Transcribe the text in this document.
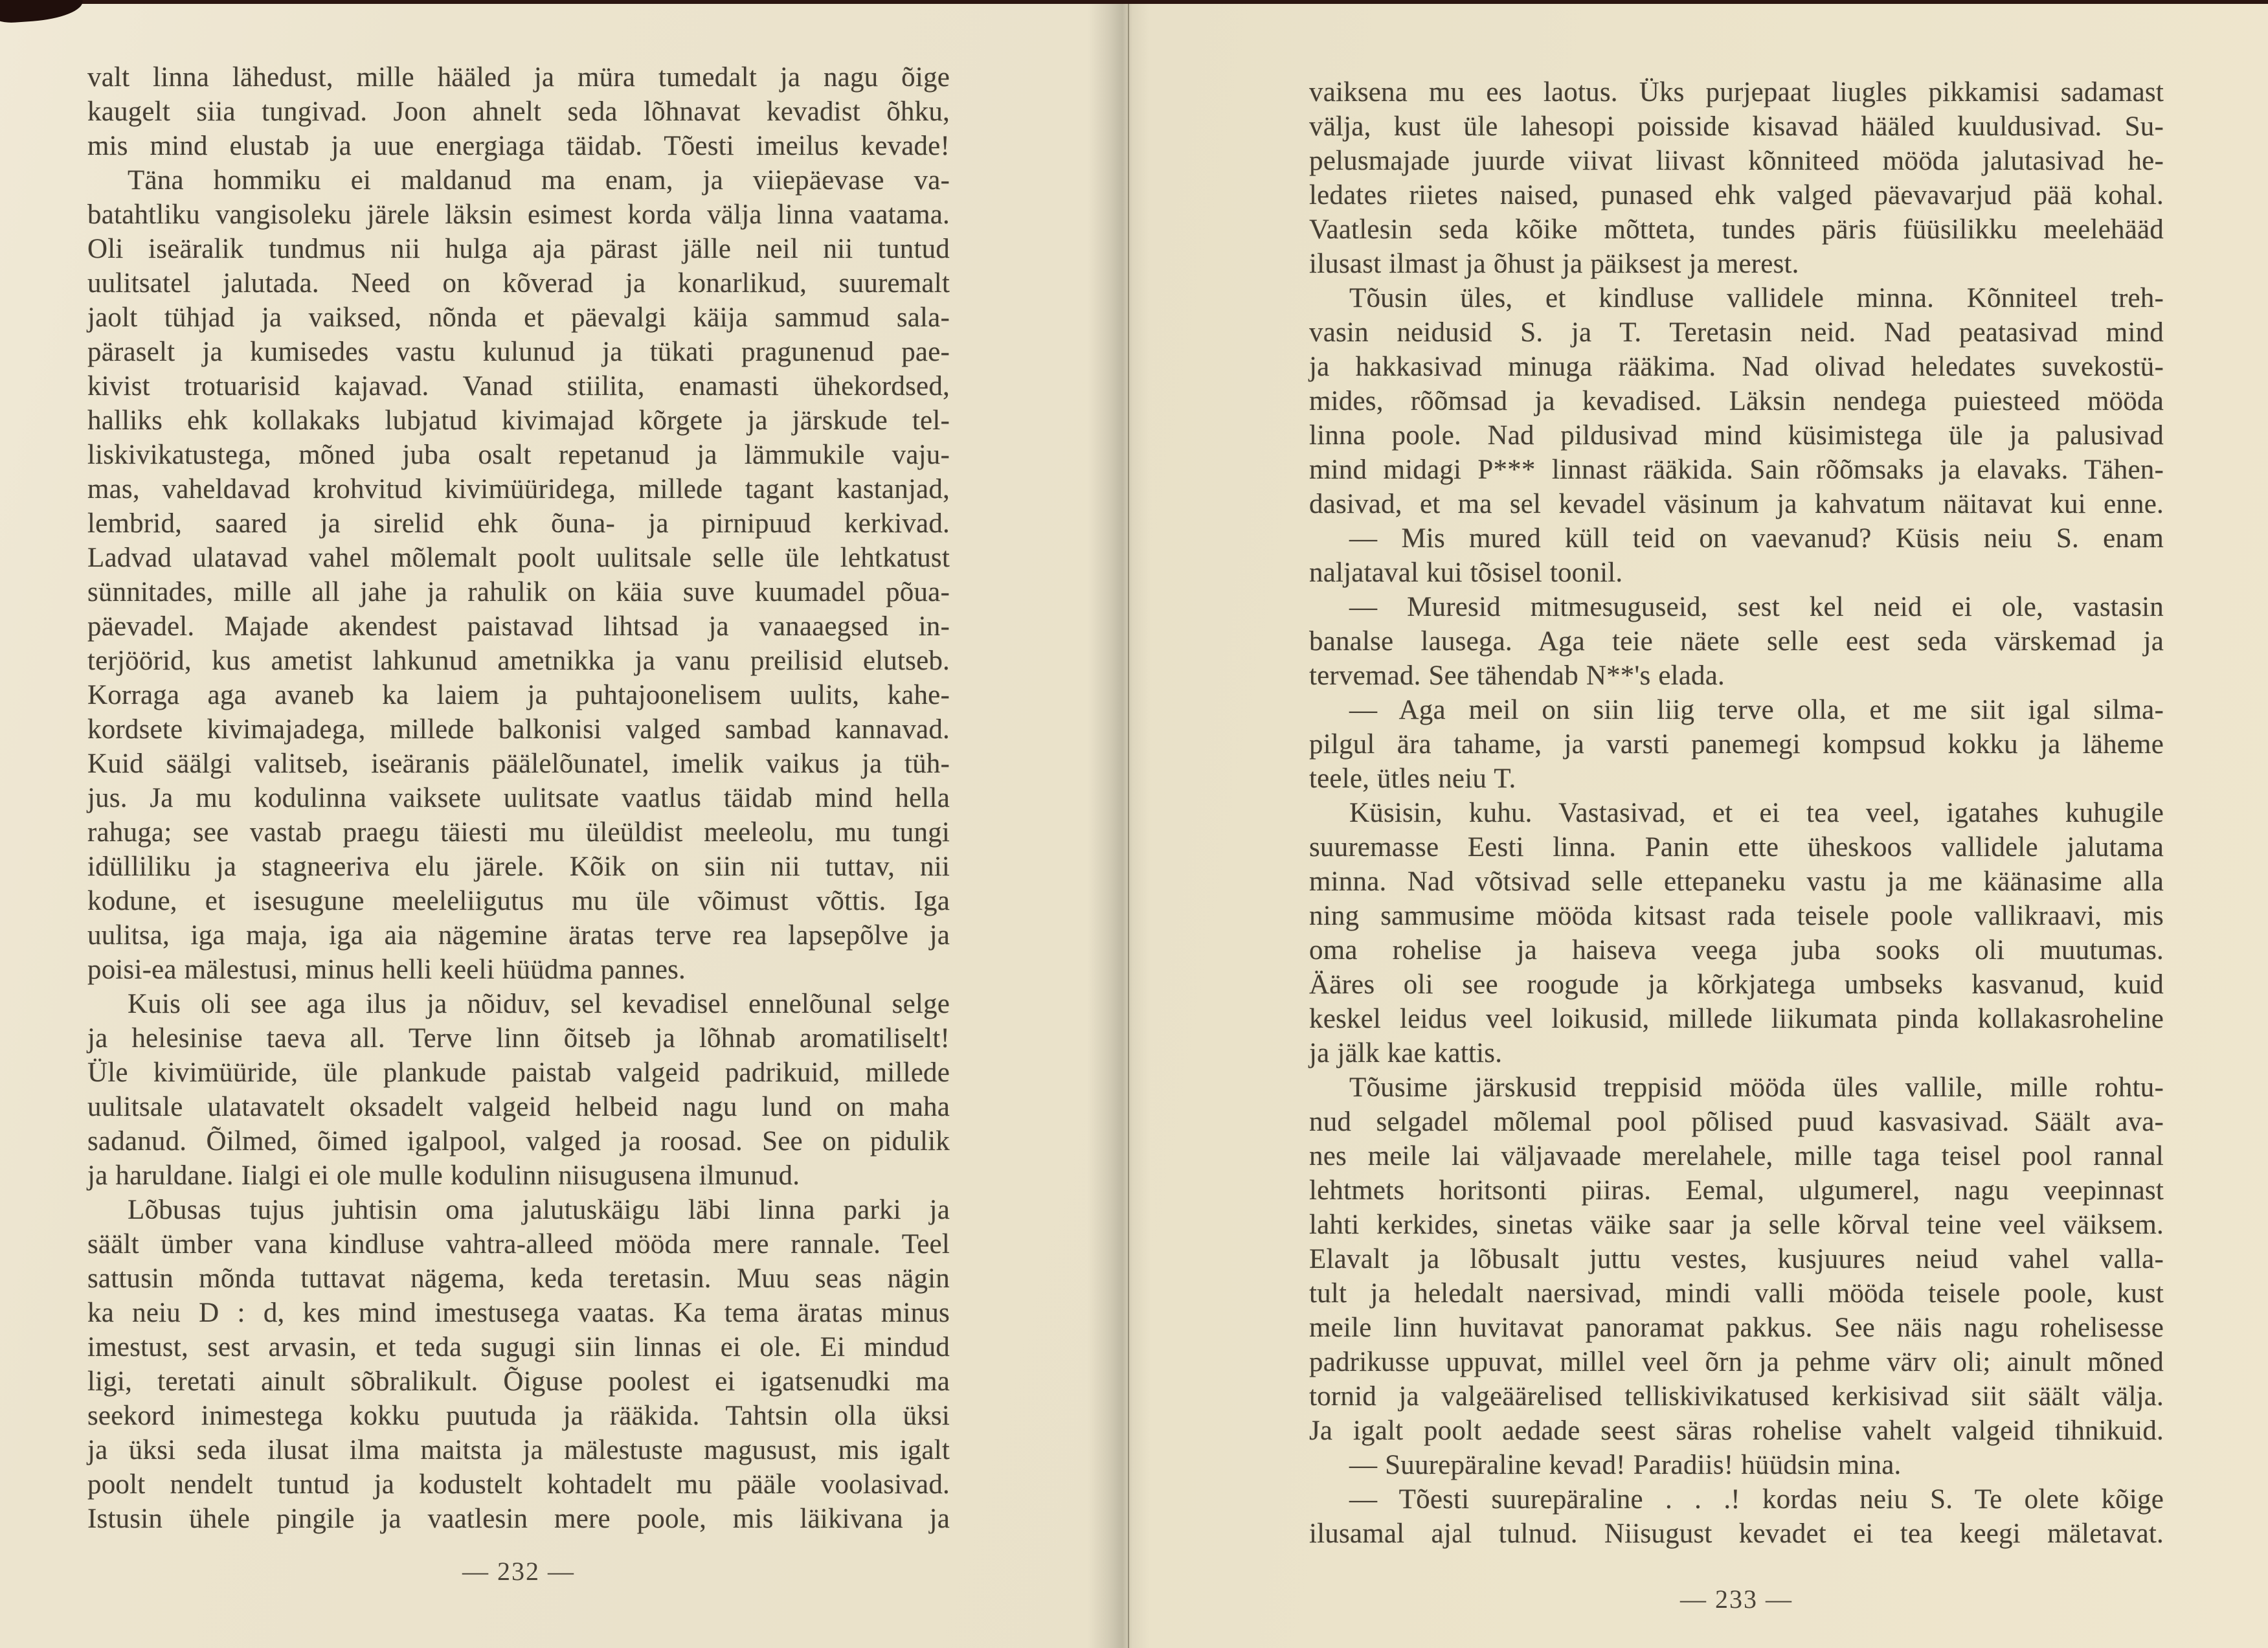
valt linna lähedust, mille hääled ja müra tumedalt ja nagu õige
kaugelt siia tungivad. Joon ahnelt seda lõhnavat kevadist õhku,
mis mind elustab ja uue energiaga täidab. Tõesti imeilus kevade!
Täna hommiku ei maldanud ma enam, ja viiepäevase va-
batahtliku vangisoleku järele läksin esimest korda välja linna vaatama.
Oli iseäralik tundmus nii hulga aja pärast jälle neil nii tuntud
uulitsatel jalutada. Need on kõverad ja konarlikud, suuremalt
jaolt tühjad ja vaiksed, nõnda et päevalgi käija sammud sala-
päraselt ja kumisedes vastu kulunud ja tükati pragunenud pae-
kivist trotuarisid kajavad. Vanad stiilita, enamasti ühekordsed,
halliks ehk kollakaks lubjatud kivimajad kõrgete ja järskude tel-
liskivikatustega, mõned juba osalt repetanud ja lämmukile vaju-
mas, vaheldavad krohvitud kivimüüridega, millede tagant kastanjad,
lembrid, saared ja sirelid ehk õuna- ja pirnipuud kerkivad.
Ladvad ulatavad vahel mõlemalt poolt uulitsale selle üle lehtkatust
sünnitades, mille all jahe ja rahulik on käia suve kuumadel põua-
päevadel. Majade akendest paistavad lihtsad ja vanaaegsed in-
terjöörid, kus ametist lahkunud ametnikka ja vanu preilisid elutseb.
Korraga aga avaneb ka laiem ja puhtajoonelisem uulits, kahe-
kordsete kivimajadega, millede balkonisi valged sambad kannavad.
Kuid säälgi valitseb, iseäranis päälelõunatel, imelik vaikus ja tüh-
jus. Ja mu kodulinna vaiksete uulitsate vaatlus täidab mind hella
rahuga; see vastab praegu täiesti mu üleüldist meeleolu, mu tungi
idülliliku ja stagneeriva elu järele. Kõik on siin nii tuttav, nii
kodune, et isesugune meeleliigutus mu üle võimust võttis. Iga
uulitsa, iga maja, iga aia nägemine äratas terve rea lapsepõlve ja
poisi-ea mälestusi, minus helli keeli hüüdma pannes.
Kuis oli see aga ilus ja nõiduv, sel kevadisel ennelõunal selge
ja helesinise taeva all. Terve linn õitseb ja lõhnab aromatiliselt!
Üle kivimüüride, üle plankude paistab valgeid padrikuid, millede
uulitsale ulatavatelt oksadelt valgeid helbeid nagu lund on maha
sadanud. Õilmed, õimed igalpool, valged ja roosad. See on pidulik
ja haruldane. Iialgi ei ole mulle kodulinn niisugusena ilmunud.
Lõbusas tujus juhtisin oma jalutuskäigu läbi linna parki ja
säält ümber vana kindluse vahtra-alleed mööda mere rannale. Teel
sattusin mõnda tuttavat nägema, keda teretasin. Muu seas nägin
ka neiu D : d, kes mind imestusega vaatas. Ka tema äratas minus
imestust, sest arvasin, et teda sugugi siin linnas ei ole. Ei mindud
ligi, teretati ainult sõbralikult. Õiguse poolest ei igatsenudki ma
seekord inimestega kokku puutuda ja rääkida. Tahtsin olla üksi
ja üksi seda ilusat ilma maitsta ja mälestuste magusust, mis igalt
poolt nendelt tuntud ja kodustelt kohtadelt mu pääle voolasivad.
Istusin ühele pingile ja vaatlesin mere poole, mis läikivana ja
vaiksena mu ees laotus. Üks purjepaat liugles pikkamisi sadamast
välja, kust üle lahesopi poisside kisavad hääled kuuldusivad. Su-
pelusmajade juurde viivat liivast kõnniteed mööda jalutasivad he-
ledates riietes naised, punased ehk valged päevavarjud pää kohal.
Vaatlesin seda kõike mõtteta, tundes päris füüsilikku meelehääd
ilusast ilmast ja õhust ja päiksest ja merest.
Tõusin üles, et kindluse vallidele minna. Kõnniteel treh-
vasin neidusid S. ja T. Teretasin neid. Nad peatasivad mind
ja hakkasivad minuga rääkima. Nad olivad heledates suvekostü-
mides, rõõmsad ja kevadised. Läksin nendega puiesteed mööda
linna poole. Nad pildusivad mind küsimistega üle ja palusivad
mind midagi P*** linnast rääkida. Sain rõõmsaks ja elavaks. Tähen-
dasivad, et ma sel kevadel väsinum ja kahvatum näitavat kui enne.
— Mis mured küll teid on vaevanud? Küsis neiu S. enam
naljataval kui tõsisel toonil.
— Muresid mitmesuguseid, sest kel neid ei ole, vastasin
banalse lausega. Aga teie näete selle eest seda värskemad ja
tervemad. See tähendab N**'s elada.
— Aga meil on siin liig terve olla, et me siit igal silma-
pilgul ära tahame, ja varsti panemegi kompsud kokku ja läheme
teele, ütles neiu T.
Küsisin, kuhu. Vastasivad, et ei tea veel, igatahes kuhugile
suuremasse Eesti linna. Panin ette üheskoos vallidele jalutama
minna. Nad võtsivad selle ettepaneku vastu ja me käänasime alla
ning sammusime mööda kitsast rada teisele poole vallikraavi, mis
oma rohelise ja haiseva veega juba sooks oli muutumas.
Ääres oli see roogude ja kõrkjatega umbseks kasvanud, kuid
keskel leidus veel loikusid, millede liikumata pinda kollakasroheline
ja jälk kae kattis.
Tõusime järskusid treppisid mööda üles vallile, mille rohtu-
nud selgadel mõlemal pool põlised puud kasvasivad. Säält ava-
nes meile lai väljavaade merelahele, mille taga teisel pool rannal
lehtmets horitsonti piiras. Eemal, ulgumerel, nagu veepinnast
lahti kerkides, sinetas väike saar ja selle kõrval teine veel väiksem.
Elavalt ja lõbusalt juttu vestes, kusjuures neiud vahel valla-
tult ja heledalt naersivad, mindi valli mööda teisele poole, kust
meile linn huvitavat panoramat pakkus. See näis nagu rohelisesse
padrikusse uppuvat, millel veel õrn ja pehme värv oli; ainult mõned
tornid ja valgeäärelised telliskivikatused kerkisivad siit säält välja.
Ja igalt poolt aedade seest säras rohelise vahelt valgeid tihnikuid.
— Suurepäraline kevad! Paradiis! hüüdsin mina.
— Tõesti suurepäraline . . .! kordas neiu S. Te olete kõige
ilusamal ajal tulnud. Niisugust kevadet ei tea keegi mäletavat.
— 232 —
— 233 —
